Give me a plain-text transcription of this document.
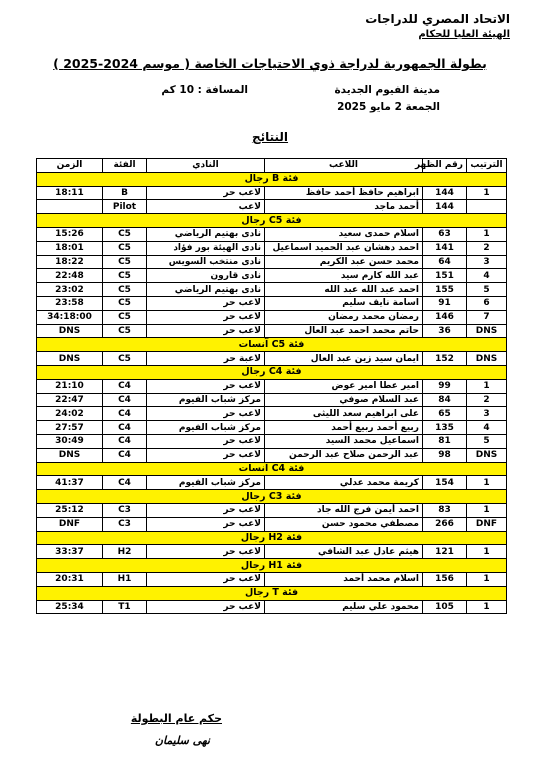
الاتحاد المصري للدراجات
الهيئة العليا للحكام
بطولة الجمهورية لدراجة ذوي الاحتياجات الخاصة ( موسم 2024-2025 )
مدينة الفيوم الجديدة
الجمعة 2 مايو 2025
المسافة : 10 كم
النتائج
الترتيب	رقم الظهر	اللاعب	النادي	الفئة	الزمن
فئة B رجال					
1	144	ابراهيم حافظ أحمد حافظ	لاعب حر	B	18:11
	144	أحمد ماجد	لاعب	Pilot	
فئة C5 رجال					
1	63	اسلام حمدى سعيد	نادى بهتيم الرياضي	C5	15:26
2	141	احمد دهشان عبد الحميد اسماعيل	نادى الهيئة بور فؤاد	C5	18:01
3	64	محمد حسن عبد الكريم	نادى منتخب السويس	C5	18:22
4	151	عبد الله كارم سيد	نادى قارون	C5	22:48
5	155	احمد عبد الله عبد الله	نادى بهتيم الرياضي	C5	23:02
6	91	اسامة نايف سليم	لاعب حر	C5	23:58
7	146	رمضان محمد رمضان	لاعب حر	C5	34:18:00
DNS	36	حاتم محمد احمد عبد العال	لاعب حر	C5	DNS
فئة C5 آنسات					
DNS	152	ايمان سيد زين عبد العال	لاعبة حر	C5	DNS
فئة C4 رجال					
1	99	امير عطا امير عوض	لاعب حر	C4	21:10
2	84	عبد السلام صوفي	مركز شباب الفيوم	C4	22:47
3	65	على ابراهيم سعد الليثى	لاعب حر	C4	24:02
4	135	ربيع أحمد ربيع أحمد	مركز شباب الفيوم	C4	27:57
5	81	اسماعيل محمد السيد	لاعب حر	C4	30:49
DNS	98	عبد الرحمن صلاح عبد الرحمن	لاعب حر	C4	DNS
فئة C4 آنسات					
1	154	كريمة محمد عدلي	مركز شباب الفيوم	C4	41:37
فئة C3 رجال					
1	83	احمد أيمن فرج الله جاد	لاعب حر	C3	25:12
DNF	266	مصطفي محمود حسن	لاعب حر	C3	DNF
فئة H2 رجال					
1	121	هيثم عادل عبد الشافي	لاعب حر	H2	33:37
فئة H1 رجال					
1	156	اسلام محمد أحمد	لاعب حر	H1	20:31
فئة T رجال					
1	105	محمود علي سليم	لاعب حر	T1	25:34
حكم عام البطولة
نهى سليمان
